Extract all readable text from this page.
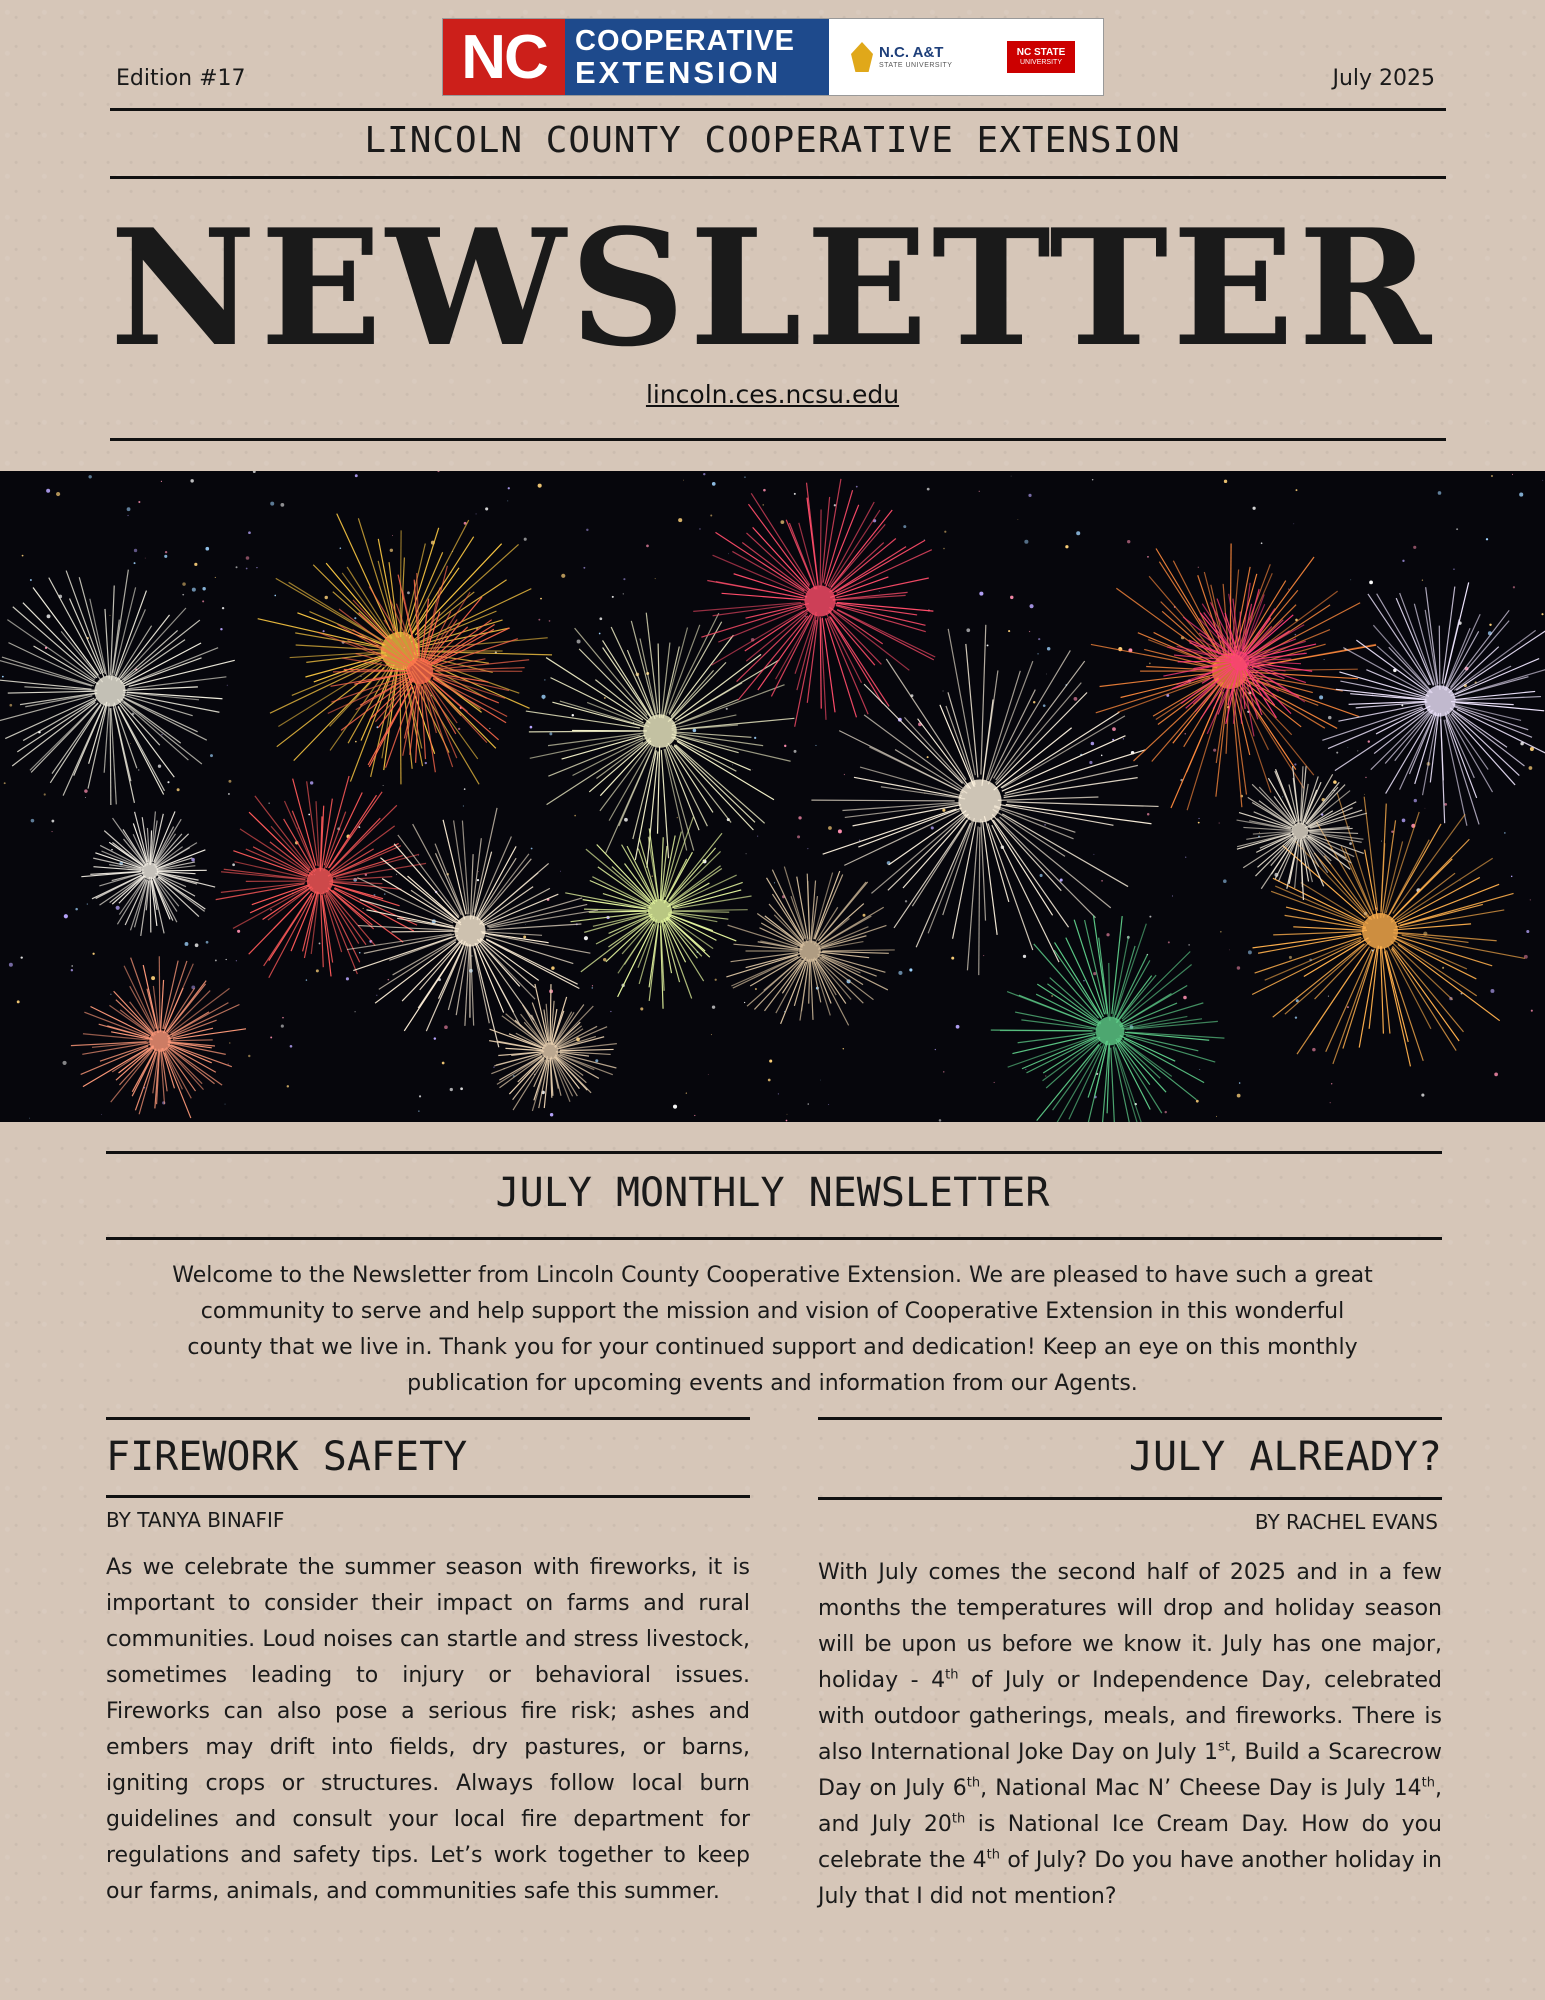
NC COOPERATIVE
EXTENSION
N.C. A&T
STATE UNIVERSITY
NC STATE
UNIVERSITY
Edition #17	July 2025
LINCOLN COUNTY COOPERATIVE EXTENSION
NEWSLETTER
lincoln.ces.ncsu.edu
JULY MONTHLY NEWSLETTER
Welcome to the Newsletter from Lincoln County Cooperative Extension. We are pleased to have such a great community to serve and help support the mission and vision of Cooperative Extension in this wonderful county that we live in. Thank you for your continued support and dedication! Keep an eye on this monthly publication for upcoming events and information from our Agents.
FIREWORK SAFETY
BY TANYA BINAFIF
As we celebrate the summer season with fireworks, it is important to consider their impact on farms and rural communities. Loud noises can startle and stress livestock, sometimes leading to injury or behavioral issues. Fireworks can also pose a serious fire risk; ashes and embers may drift into fields, dry pastures, or barns, igniting crops or structures. Always follow local burn guidelines and consult your local fire department for regulations and safety tips. Let’s work together to keep our farms, animals, and communities safe this summer.
JULY ALREADY?
BY RACHEL EVANS
With July comes the second half of 2025 and in a few months the temperatures will drop and holiday season will be upon us before we know it. July has one major, holiday - 4th of July or Independence Day, celebrated with outdoor gatherings, meals, and fireworks. There is also International Joke Day on July 1st, Build a Scarecrow Day on July 6th, National Mac N’ Cheese Day is July 14th, and July 20th is National Ice Cream Day. How do you celebrate the 4th of July? Do you have another holiday in July that I did not mention?
